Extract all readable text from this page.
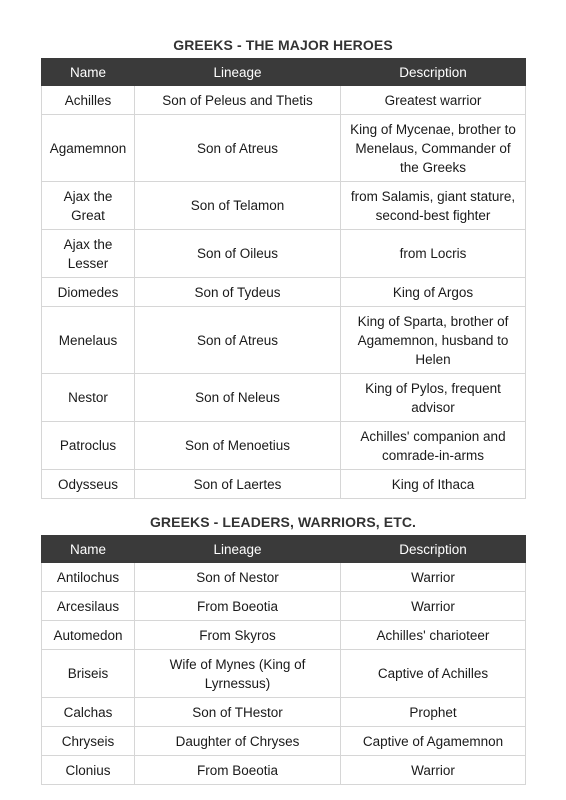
GREEKS - THE MAJOR HEROES
Name	Lineage	Description
Achilles	Son of Peleus and Thetis	Greatest warrior
Agamemnon	Son of Atreus	King of Mycenae, brother to Menelaus, Commander of the Greeks
Ajax the Great	Son of Telamon	from Salamis, giant stature, second-best fighter
Ajax the Lesser	Son of Oileus	from Locris
Diomedes	Son of Tydeus	King of Argos
Menelaus	Son of Atreus	King of Sparta, brother of Agamemnon, husband to Helen
Nestor	Son of Neleus	King of Pylos, frequent advisor
Patroclus	Son of Menoetius	Achilles' companion and comrade-in-arms
Odysseus	Son of Laertes	King of Ithaca
GREEKS - LEADERS, WARRIORS, ETC.
Name	Lineage	Description
Antilochus	Son of Nestor	Warrior
Arcesilaus	From Boeotia	Warrior
Automedon	From Skyros	Achilles' charioteer
Briseis	Wife of Mynes (King of Lyrnessus)	Captive of Achilles
Calchas	Son of THestor	Prophet
Chryseis	Daughter of Chryses	Captive of Agamemnon
Clonius	From Boeotia	Warrior
